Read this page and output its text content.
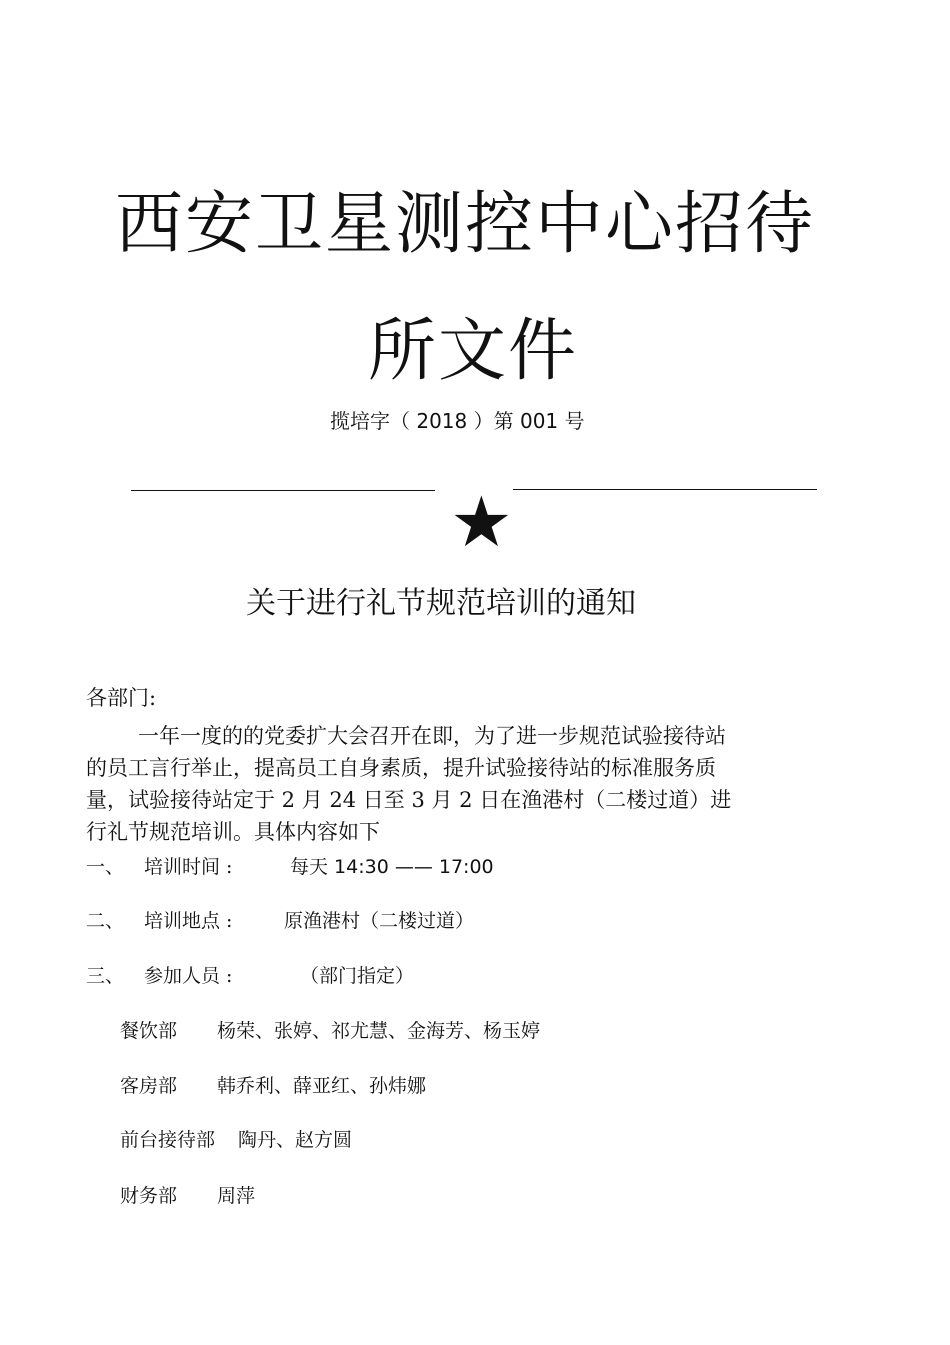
西安卫星测控中心招待
所文件
揽培字（ 2018 ）第 001 号
★
关于进行礼节规范培训的通知
各部门:
一年一度的的党委扩大会召开在即，为了进一步规范试验接待站
的员工言行举止，提高员工自身素质，提升试验接待站的标准服务质
量，试验接待站定于 2 月 24 日至 3 月 2 日在渔港村（二楼过道）进
行礼节规范培训。具体内容如下
一、 培训时间 :	每天 14:30 —— 17:00
二、 培训地点 :	原渔港村（二楼过道）
三、 参加人员 :	（部门指定）
餐饮部 杨荣、张婷、祁尤慧、金海芳、杨玉婷
客房部 韩乔利、薛亚红、孙炜娜
前台接待部 陶丹、赵方圆
财务部 周萍
